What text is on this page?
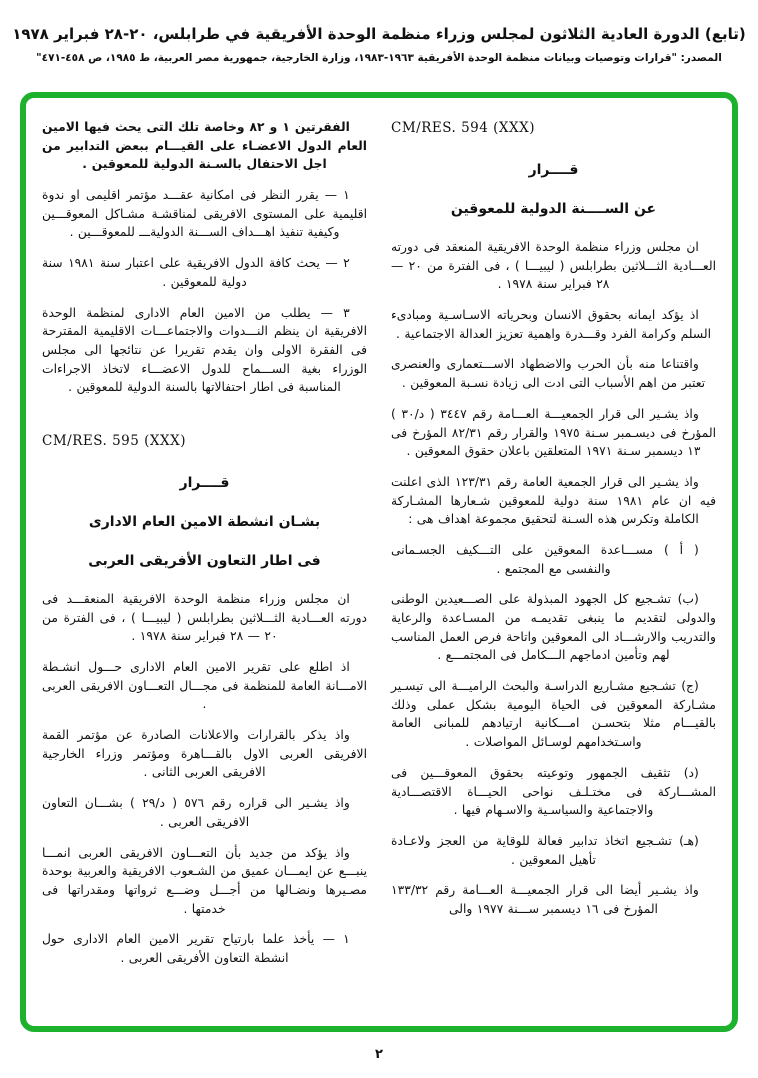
(تابع) الدورة العادية الثلاثون لمجلس وزراء منظمة الوحدة الأفريقية في طرابلس، ٢٠-٢٨ فبراير ١٩٧٨
المصدر: "قرارات وتوصيات وبيانات منظمة الوحدة الأفريقية ١٩٦٣-١٩٨٣، وزارة الخارجية، جمهورية مصر العربية، ط ١٩٨٥، ص ٤٥٨-٤٧١"
CM/RES. 594 (XXX)
قــــرار
عن الســــنة الدولية للمعوقين
ان مجلس وزراء منظمة الوحدة الافريقية المنعقد فى دورته العـــادية الثـــلاثين بطرابلس ( ليبيـــا ) ، فى الفترة من ٢٠ — ٢٨ فبراير سنة ١٩٧٨ .
اذ يؤكد ايمانه بحقوق الانسان وبحرياته الاسـاسـية ومبادىء السلم وكرامة الفرد وقـــدرة واهمية تعزيز العدالة الاجتماعية .
واقتناعا منه بأن الحرب والاضطهاد الاســـتعمارى والعنصرى تعتبر من اهم الأسباب التى ادت الى زيادة نسـبة المعوقين .
واذ يشـير الى قرار الجمعيـــة العـــامة رقم ٣٤٤٧ ( د/٣٠ ) المؤرخ فى ديسـمبر سـنة ١٩٧٥ والقرار رقم ٨٢/٣١ المؤرخ فى ١٣ ديسمبر سـنة ١٩٧١ المتعلقين باعلان حقوق المعوقين .
واذ يشـير الى قرار الجمعية العامة رقم ١٢٣/٣١ الذى اعلنت فيه ان عام ١٩٨١ سنة دولية للمعوقين شـعارها المشـاركة الكاملة وتكرس هذه السـنة لتحقيق مجموعة اهداف هى :
( أ ) مســـاعدة المعوقين على التـــكيف الجسـمانى والنفسى مع المجتمع .
(ب) تشـجيع كل الجهود المبذولة على الصـــعيدين الوطنى والدولى لتقديم ما ينبغى تقديمـه من المسـاعدة والرعاية والتدريب والارشـــاد الى المعوقين واتاحة فرص العمل المناسب لهم وتأمين ادماجهم الـــكامل فى المجتمـــع .
(ج) تشـجيع مشـاريع الدراسـة والبحث الراميـــة الى تيسـير مشـاركة المعوقين فى الحياة اليومية بشكل عملى وذلك بالقيـــام مثلا بتحسـن امـــكانية ارتيادهم للمبانى العامة واسـتخدامهم لوسـائل المواصلات .
(د) تثقيف الجمهور وتوعيته بحقوق المعوقـــين فى المشـــاركة فى مختـلـف نواحى الحيـــاة الاقتصـــادية والاجتماعية والسياسـية والاسـهام فيها .
(هـ) تشـجيع اتخاذ تدابير فعالة للوقاية من العجز ولاعـادة تأهيل المعوقين .
واذ يشـير أيضا الى قرار الجمعيـــة العـــامة رقم ١٣٣/٣٢ المؤرخ فى ١٦ ديسمبر ســـنة ١٩٧٧ والى
الفقرتين ١ و ٨٢ وخاصة تلك التى يحث فيها الامين العام الدول الاعضـاء على القيـــام ببعض التدابير من اجل الاحتفال بالسـنة الدولية للمعوقين .
١ — يقرر النظر فى امكانية عقـــد مؤتمر اقليمى او ندوة اقليمية على المستوى الافريقى لمناقشـة مشـاكل المعوقـــين وكيفية تنفيذ اهـــداف الســـنة الدوليةـــ للمعوقـــين .
٢ — يحث كافة الدول الافريقية على اعتبار سنة ١٩٨١ سنة دولية للمعوقين .
٣ — يطلب من الامين العام الادارى لمنظمة الوحدة الافريقية ان ينظم النـــدوات والاجتماعـــات الاقليمية المقترحة فى الفقرة الاولى وان يقدم تقريرا عن نتائجها الى مجلس الوزراء بغية الســـماح للدول الاعضـــاء لاتخاذ الاجراءات المناسبة فى اطار احتفالاتها بالسنة الدولية للمعوقين .
CM/RES. 595 (XXX)
قــــرار
بشـان انشطة الامين العام الادارى
فى اطار التعاون الأفريقى العربى
ان مجلس وزراء منظمة الوحدة الافريقية المنعقـــد فى دورته العـــادية الثـــلاثين بطرابلس ( ليبيـــا ) ، فى الفترة من ٢٠ — ٢٨ فبراير سنة ١٩٧٨ .
اذ اطلع على تقرير الامين العام الادارى حـــول انشـطة الامـــانة العامة للمنظمة فى مجـــال التعـــاون الافريقى العربى .
واذ يذكر بالقرارات والاعلانات الصادرة عن مؤتمر القمة الافريقى العربى الاول بالقـــاهرة ومؤتمر وزراء الخارجية الافريقى العربى الثانى .
واذ يشـير الى قراره رقم ٥٧٦ ( د/٢٩ ) بشـــان التعاون الافريقى العربى .
واذ يؤكد من جديد بأن التعـــاون الافريقى العربى انمـــا ينبـــع عن ايمـــان عميق من الشـعوب الافريقية والعربية بوحدة مصـيرها ونضـالها من أجـــل وضـــع ثرواتها ومقدراتها فى خدمتها .
١ — يأخذ علما بارتياح تقرير الامين العام الادارى حول انشطة التعاون الأفريقى العربى .
٢
